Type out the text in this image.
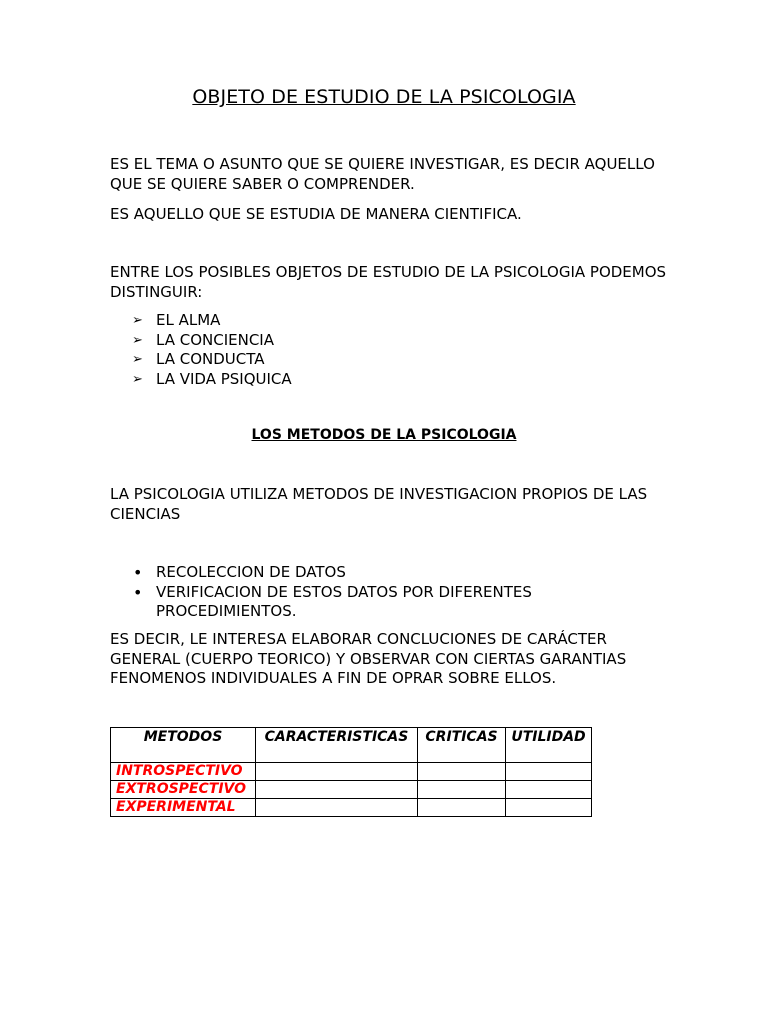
OBJETO DE ESTUDIO DE LA PSICOLOGIA
ES EL TEMA O ASUNTO QUE SE QUIERE INVESTIGAR, ES DECIR AQUELLO QUE SE QUIERE SABER O COMPRENDER.
ES AQUELLO QUE SE ESTUDIA DE MANERA CIENTIFICA.
ENTRE LOS POSIBLES OBJETOS DE ESTUDIO DE LA PSICOLOGIA PODEMOS DISTINGUIR:
➢ EL ALMA
➢ LA CONCIENCIA
➢ LA CONDUCTA
➢ LA VIDA PSIQUICA
LOS METODOS DE LA PSICOLOGIA
LA PSICOLOGIA UTILIZA METODOS DE INVESTIGACION PROPIOS DE LAS CIENCIAS
• RECOLECCION DE DATOS
• VERIFICACION DE ESTOS DATOS POR DIFERENTES PROCEDIMIENTOS.
ES DECIR, LE INTERESA ELABORAR CONCLUCIONES DE CARÁCTER GENERAL (CUERPO TEORICO) Y OBSERVAR CON CIERTAS GARANTIAS FENOMENOS INDIVIDUALES A FIN DE OPRAR SOBRE ELLOS.
METODOS	CARACTERISTICAS	CRITICAS	UTILIDAD
INTROSPECTIVO			
EXTROSPECTIVO			
EXPERIMENTAL			
